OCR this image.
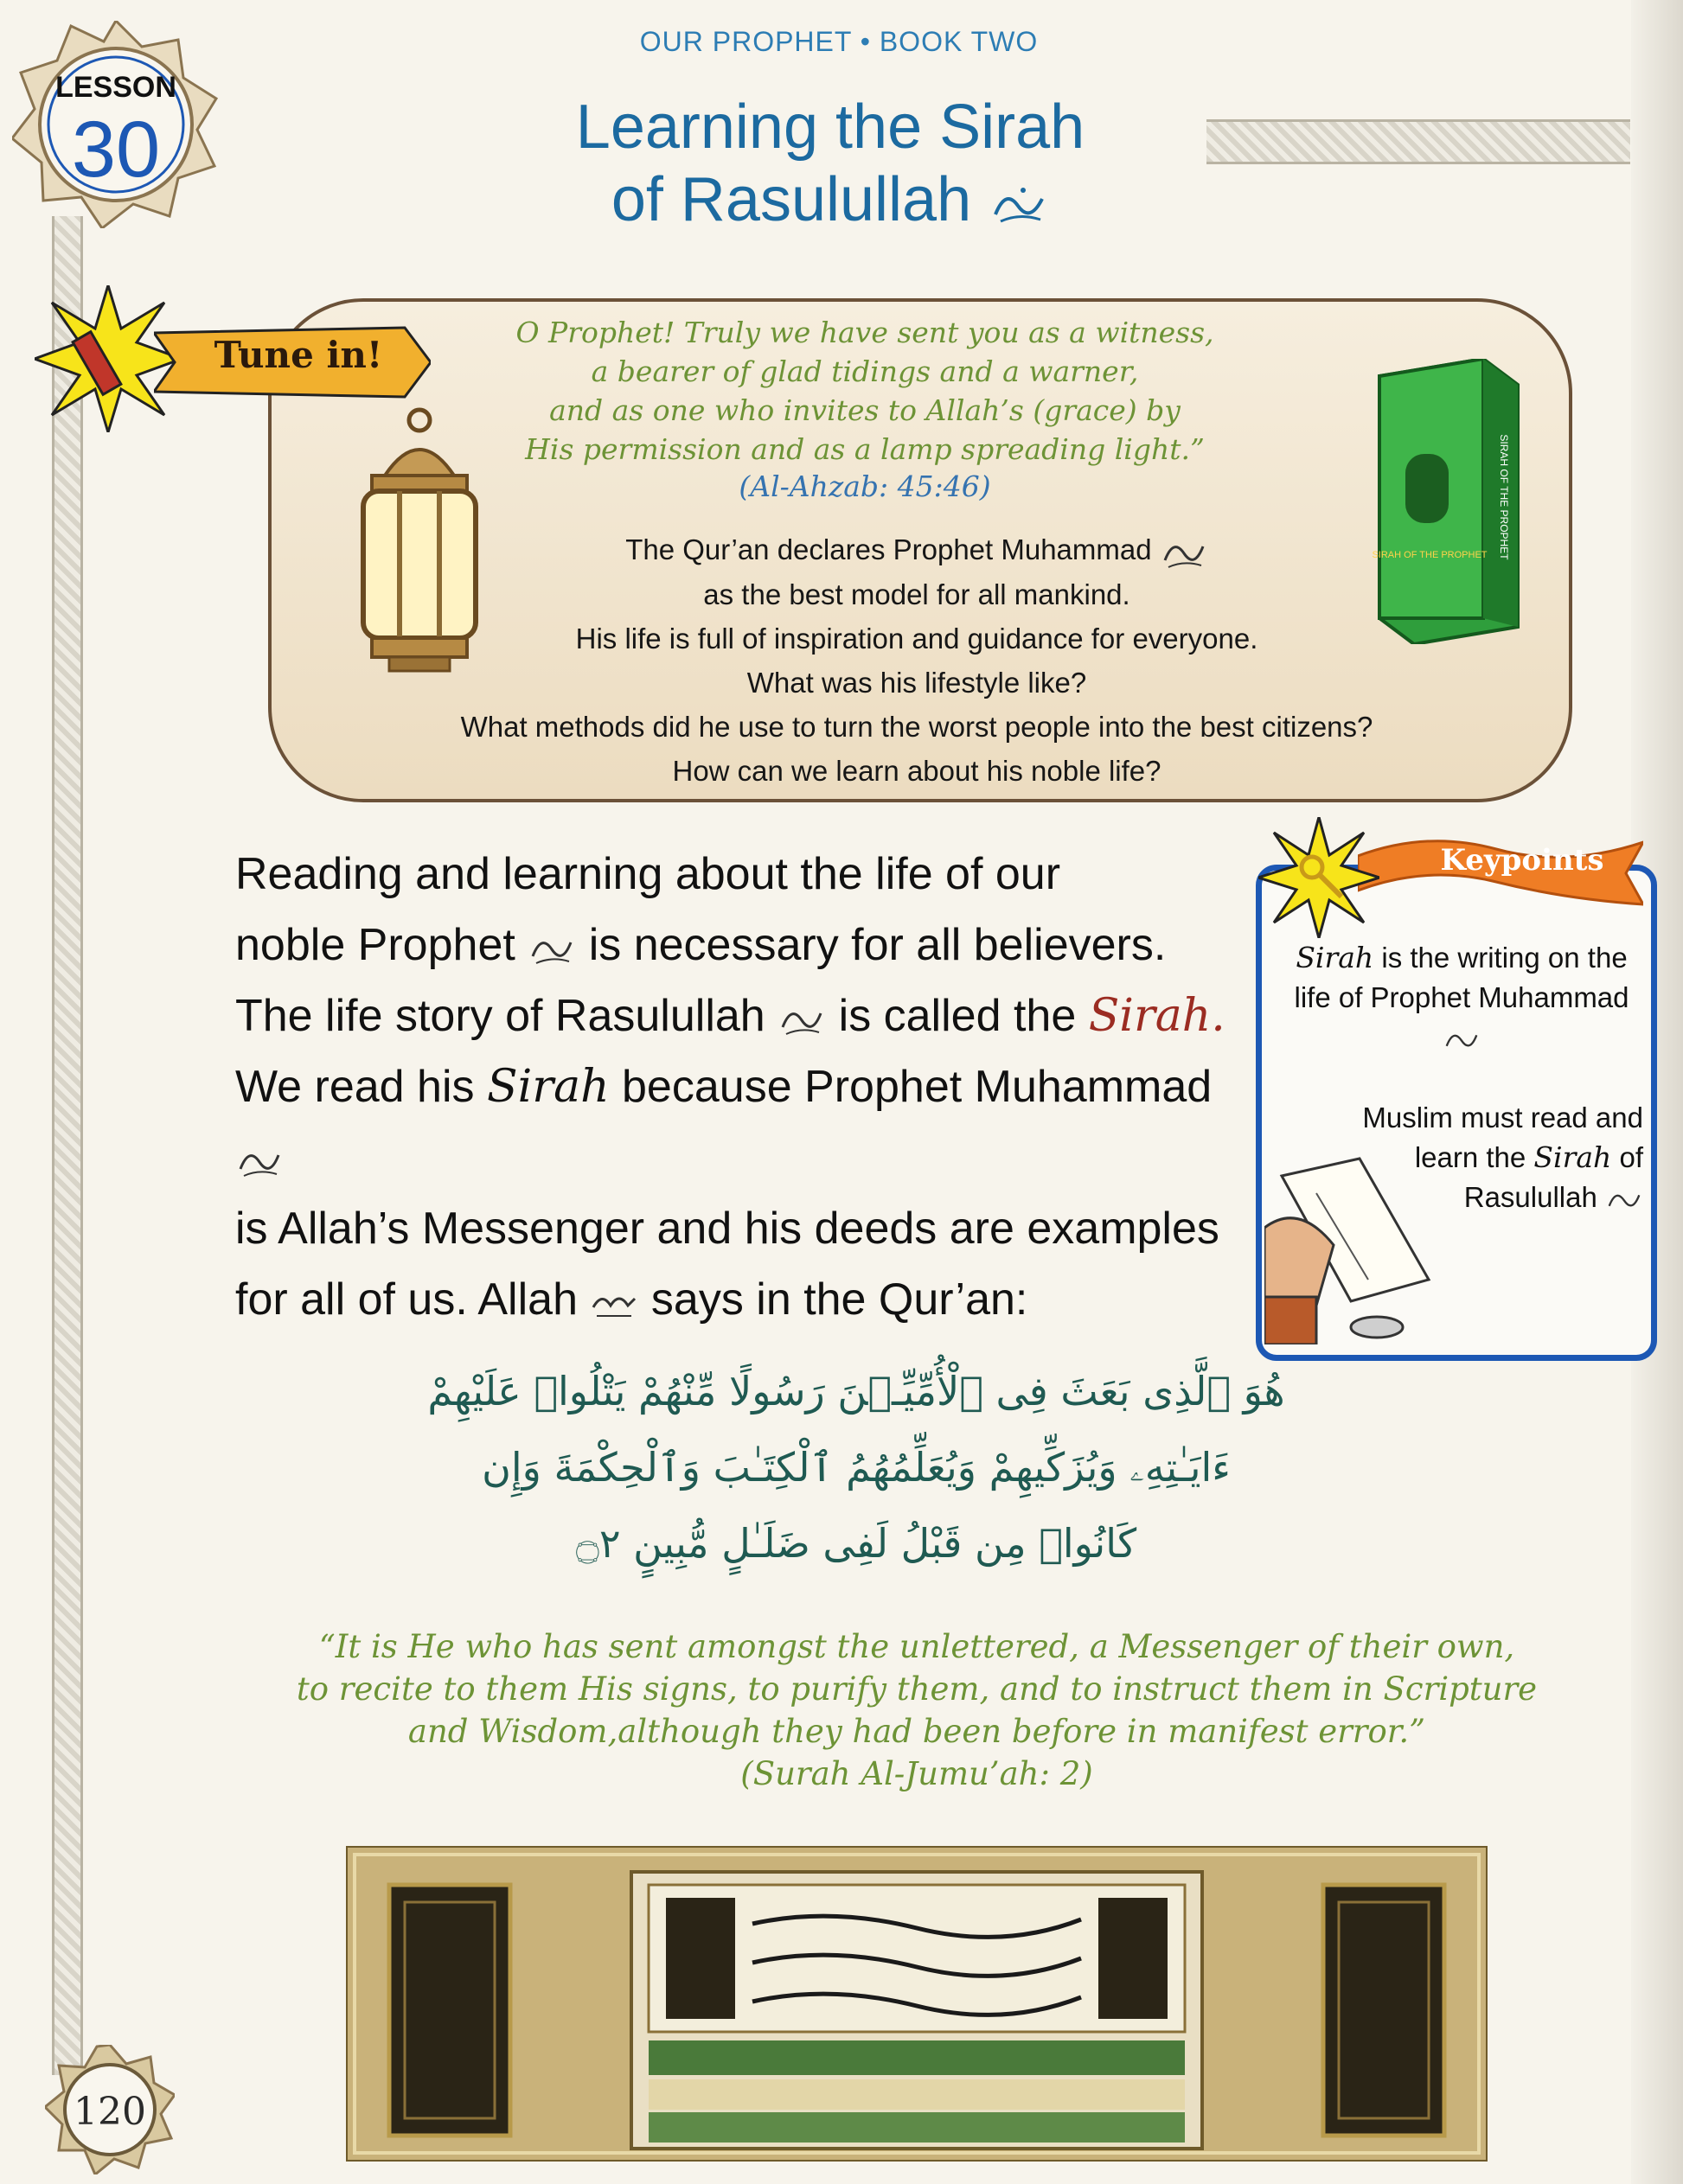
LESSON
30
OUR PROPHET • BOOK TWO
Learning the Sirah
of Rasulullah
Tune in!
O Prophet! Truly we have sent you as a witness,
a bearer of glad tidings and a warner,
and as one who invites to Allah’s (grace) by
His permission and as a lamp spreading light.”
(Al-Ahzab: 45:46)
The Qur’an declares Prophet Muhammad
as the best model for all mankind.
His life is full of inspiration and guidance for everyone.
What was his lifestyle like?
What methods did he use to turn the worst people into the best citizens?
How can we learn about his noble life?
SIRAH OF THE PROPHET SIRAH OF THE PROPHET
Reading and learning about the life of our
noble Prophet  is necessary for all believers.
The life story of Rasulullah  is called the Sirah.
We read his Sirah because Prophet Muhammad
is Allah’s Messenger and his deeds are examples
for all of us. Allah  says in the Qur’an:
Keypoints
Sirah is the writing on the life of Prophet Muhammad
Muslim must read and learn the Sirah of Rasulullah
هُوَ ٱلَّذِى بَعَثَ فِى ٱلْأُمِّيِّـۧنَ رَسُولًا مِّنْهُمْ يَتْلُوا۟ عَلَيْهِمْ
ءَايَـٰتِهِۦ وَيُزَكِّيهِمْ وَيُعَلِّمُهُمُ ٱلْكِتَـٰبَ وَٱلْحِكْمَةَ وَإِن
كَانُوا۟ مِن قَبْلُ لَفِى ضَلَـٰلٍ مُّبِينٍ ۝٢
“It is He who has sent amongst the unlettered, a Messenger of their own,
to recite to them His signs, to purify them, and to instruct them in Scripture
and Wisdom,although they had been before in manifest error.”
(Surah Al-Jumu’ah: 2)
120
